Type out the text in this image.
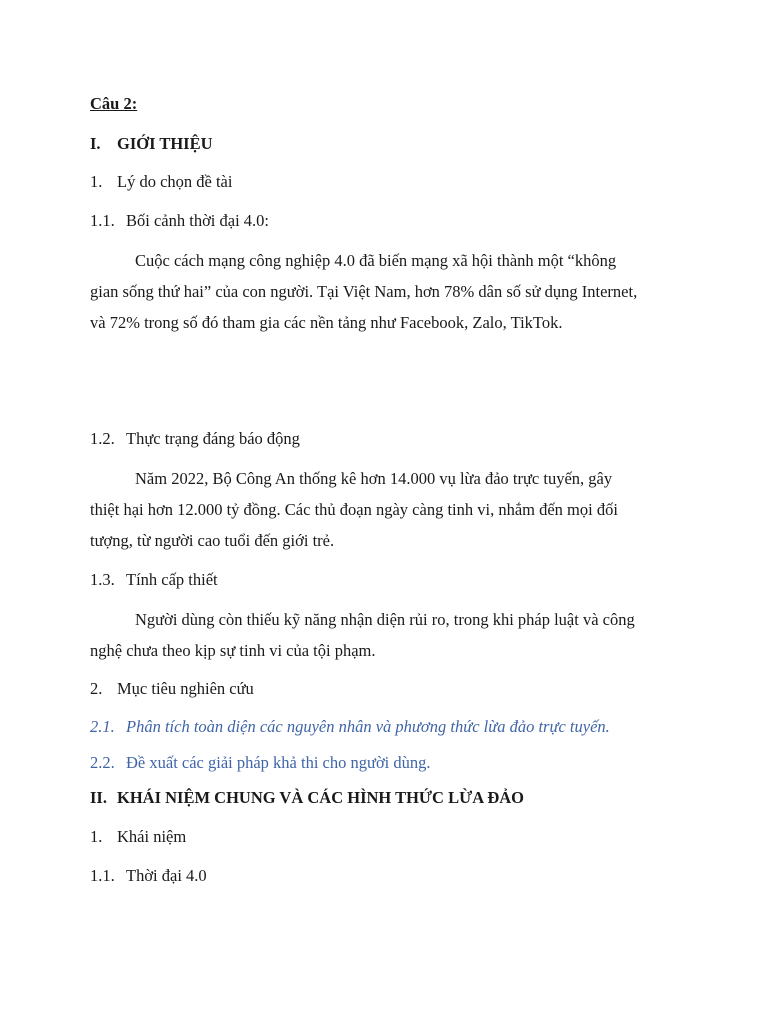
Câu 2:
I. GIỚI THIỆU
1. Lý do chọn đề tài
1.1. Bối cảnh thời đại 4.0:
Cuộc cách mạng công nghiệp 4.0 đã biến mạng xã hội thành một “không
gian sống thứ hai” của con người. Tại Việt Nam, hơn 78% dân số sử dụng Internet,
và 72% trong số đó tham gia các nền tảng như Facebook, Zalo, TikTok.
1.2. Thực trạng đáng báo động
Năm 2022, Bộ Công An thống kê hơn 14.000 vụ lừa đảo trực tuyến, gây
thiệt hại hơn 12.000 tỷ đồng. Các thủ đoạn ngày càng tinh vi, nhắm đến mọi đối
tượng, từ người cao tuổi đến giới trẻ.
1.3. Tính cấp thiết
Người dùng còn thiếu kỹ năng nhận diện rủi ro, trong khi pháp luật và công
nghệ chưa theo kịp sự tinh vi của tội phạm.
2. Mục tiêu nghiên cứu
2.1. Phân tích toàn diện các nguyên nhân và phương thức lừa đảo trực tuyến.
2.2. Đề xuất các giải pháp khả thi cho người dùng.
II. KHÁI NIỆM CHUNG VÀ CÁC HÌNH THỨC LỪA ĐẢO
1. Khái niệm
1.1. Thời đại 4.0
